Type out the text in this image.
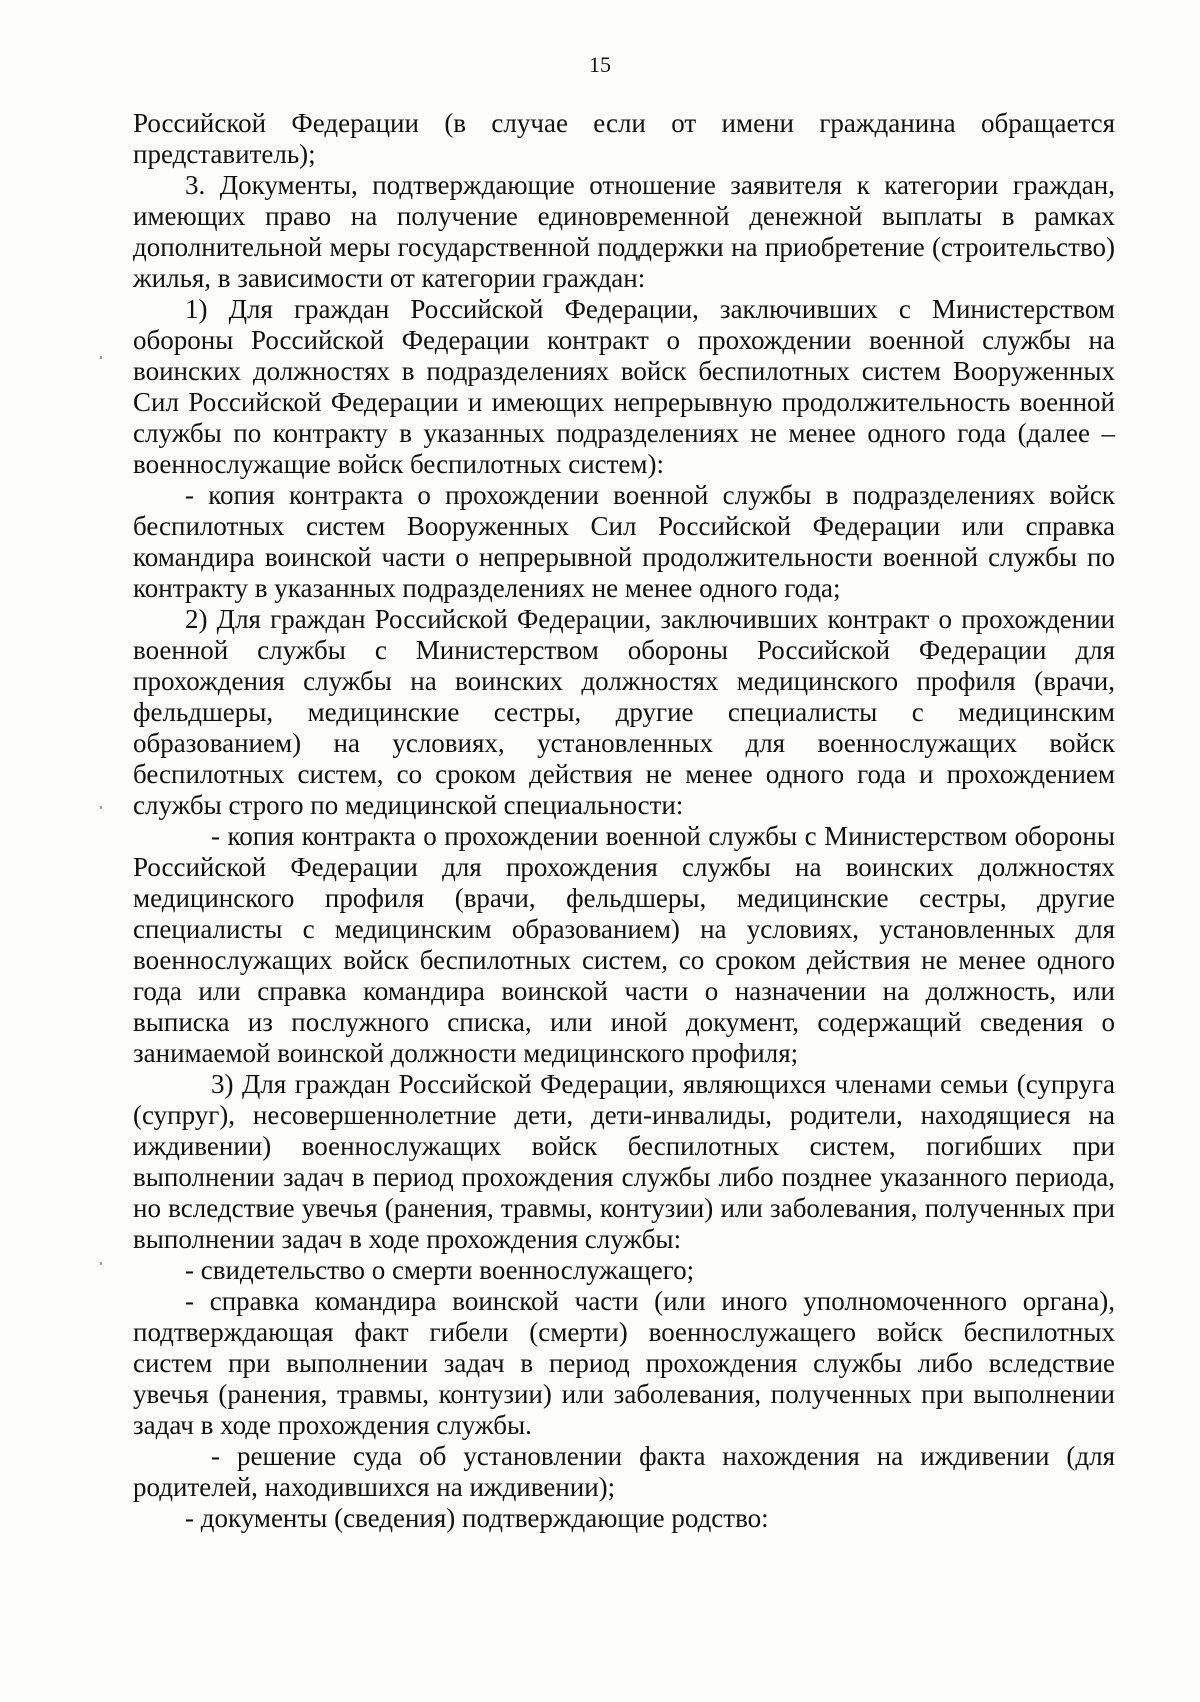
15

Российской Федерации (в случае если от имени гражданина обращается представитель);

3. Документы, подтверждающие отношение заявителя к категории граждан, имеющих право на получение единовременной денежной выплаты в рамках дополнительной меры государственной поддержки на приобретение (строительство) жилья, в зависимости от категории граждан:

1) Для граждан Российской Федерации, заключивших с Министерством обороны Российской Федерации контракт о прохождении военной службы на воинских должностях в подразделениях войск беспилотных систем Вооруженных Сил Российской Федерации и имеющих непрерывную продолжительность военной службы по контракту в указанных подразделениях не менее одного года (далее – военнослужащие войск беспилотных систем):

- копия контракта о прохождении военной службы в подразделениях войск беспилотных систем Вооруженных Сил Российской Федерации или справка командира воинской части о непрерывной продолжительности военной службы по контракту в указанных подразделениях не менее одного года;

2) Для граждан Российской Федерации, заключивших контракт о прохождении военной службы с Министерством обороны Российской Федерации для прохождения службы на воинских должностях медицинского профиля (врачи, фельдшеры, медицинские сестры, другие специалисты с медицинским образованием) на условиях, установленных для военнослужащих войск беспилотных систем, со сроком действия не менее одного года и прохождением службы строго по медицинской специальности:

- копия контракта о прохождении военной службы с Министерством обороны Российской Федерации для прохождения службы на воинских должностях медицинского профиля (врачи, фельдшеры, медицинские сестры, другие специалисты с медицинским образованием) на условиях, установленных для военнослужащих войск беспилотных систем, со сроком действия не менее одного года или справка командира воинской части о назначении на должность, или выписка из послужного списка, или иной документ, содержащий сведения о занимаемой воинской должности медицинского профиля;

3) Для граждан Российской Федерации, являющихся членами семьи (супруга (супруг), несовершеннолетние дети, дети-инвалиды, родители, находящиеся на иждивении) военнослужащих войск беспилотных систем, погибших при выполнении задач в период прохождения службы либо позднее указанного периода, но вследствие увечья (ранения, травмы, контузии) или заболевания, полученных при выполнении задач в ходе прохождения службы:

- свидетельство о смерти военнослужащего;

- справка командира воинской части (или иного уполномоченного органа), подтверждающая факт гибели (смерти) военнослужащего войск беспилотных систем при выполнении задач в период прохождения службы либо вследствие увечья (ранения, травмы, контузии) или заболевания, полученных при выполнении задач в ходе прохождения службы.

- решение суда об установлении факта нахождения на иждивении (для родителей, находившихся на иждивении);

- документы (сведения) подтверждающие родство:
